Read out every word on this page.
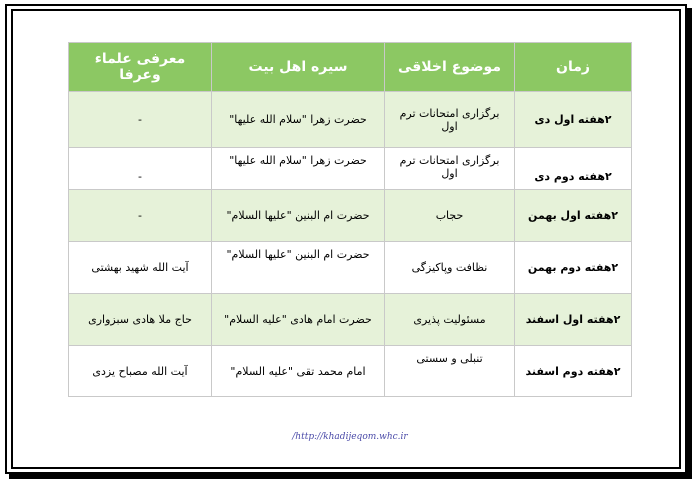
زمان	موضوع اخلاقی	سیره اهل بیت	معرفی علماء وعرفا
۲هفته اول دی	برگزاری امتحانات ترم اول	حضرت زهرا "سلام الله علیها"	-
۲هفته دوم دی	برگزاری امتحانات ترم اول	حضرت زهرا "سلام الله علیها"	-
۲هفته اول بهمن	حجاب	حضرت ام البنین "علیها السلام"	-
۲هفته دوم بهمن	نظافت وپاکیزگی	حضرت ام البنین "علیها السلام"	آیت الله شهید بهشتی
۲هفته اول اسفند	مسئولیت پذیری	حضرت امام هادی "علیه السلام"	حاج ملا هادی سبزواری
۲هفته دوم اسفند	تنبلی و سستی	امام محمد تقی "علیه السلام"	آیت الله مصباح یزدی
/http://khadijeqom.whc.ir
